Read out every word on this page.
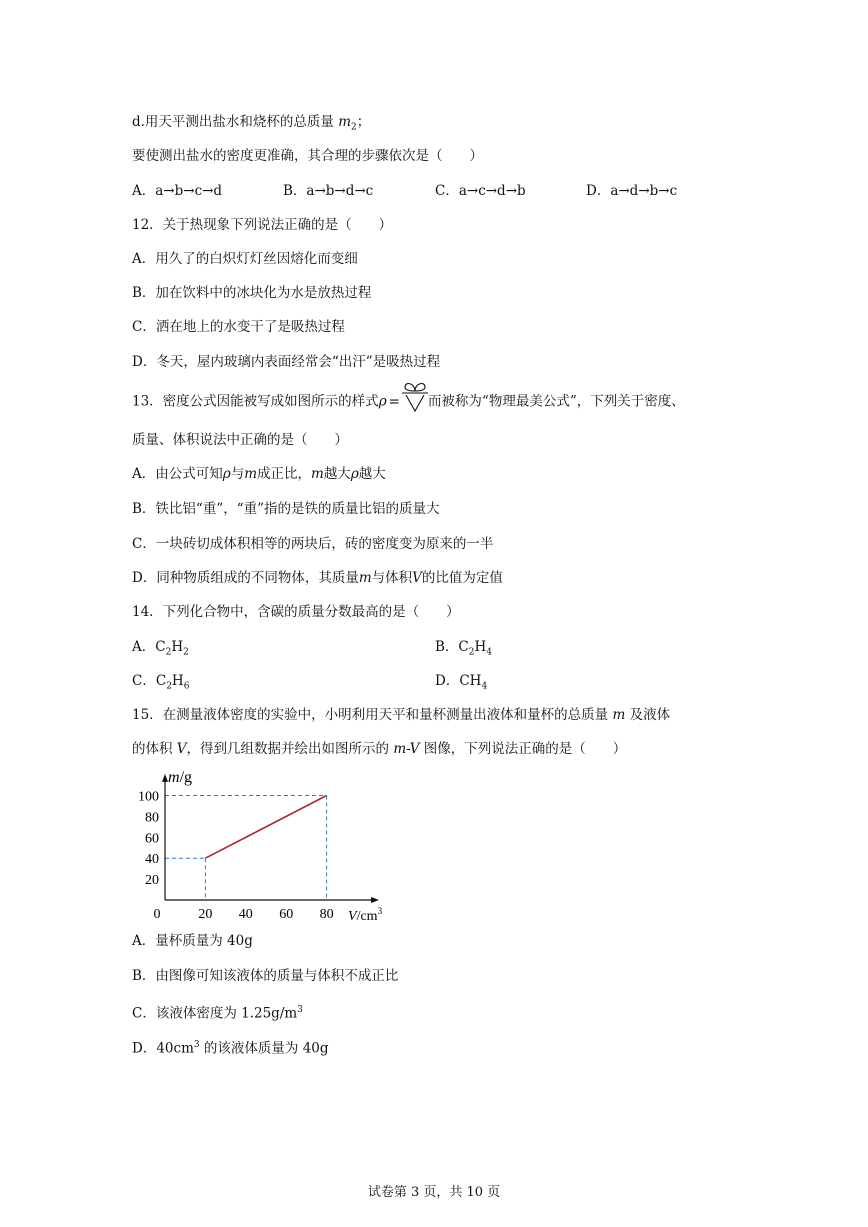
d.用天平测出盐水和烧杯的总质量 $m_2$；
要使测出盐水的密度更准确，其合理的步骤依次是（　　）
A．a→b→c→d	B．a→b→d→c	C．a→c→d→b	D．a→d→b→c
12．关于热现象下列说法正确的是（　　）
A．用久了的白炽灯灯丝因熔化而变细
B．加在饮料中的冰块化为水是放热过程
C．洒在地上的水变干了是吸热过程
D．冬天，屋内玻璃内表面经常会“出汗”是吸热过程
13．密度公式因能被写成如图所示的样式ρ = 而被称为“物理最美公式”，下列关于密度、
质量、体积说法中正确的是（　　）
A．由公式可知ρ与m成正比，m越大ρ越大
B．铁比铝“重”，“重”指的是铁的质量比铝的质量大
C．一块砖切成体积相等的两块后，砖的密度变为原来的一半
D．同种物质组成的不同物体，其质量m与体积V的比值为定值
14．下列化合物中，含碳的质量分数最高的是（　　）
A．$C_2H_2$	B．$C_2H_4$
C．$C_2H_6$	D．$CH_4$
15．在测量液体密度的实验中，小明利用天平和量杯测量出液体和量杯的总质量 m 及液体
的体积 V，得到几组数据并绘出如图所示的 m-V 图像，下列说法正确的是（　　）
0	20 40 60 80
100
80
60
40
20
m/g
$V/cm^3$
A．量杯质量为 40g
B．由图像可知该液体的质量与体积不成正比
C．该液体密度为 $1.25g/m^3$
D．$40cm^3$ 的该液体质量为 40g
试卷第 3 页，共 10 页
